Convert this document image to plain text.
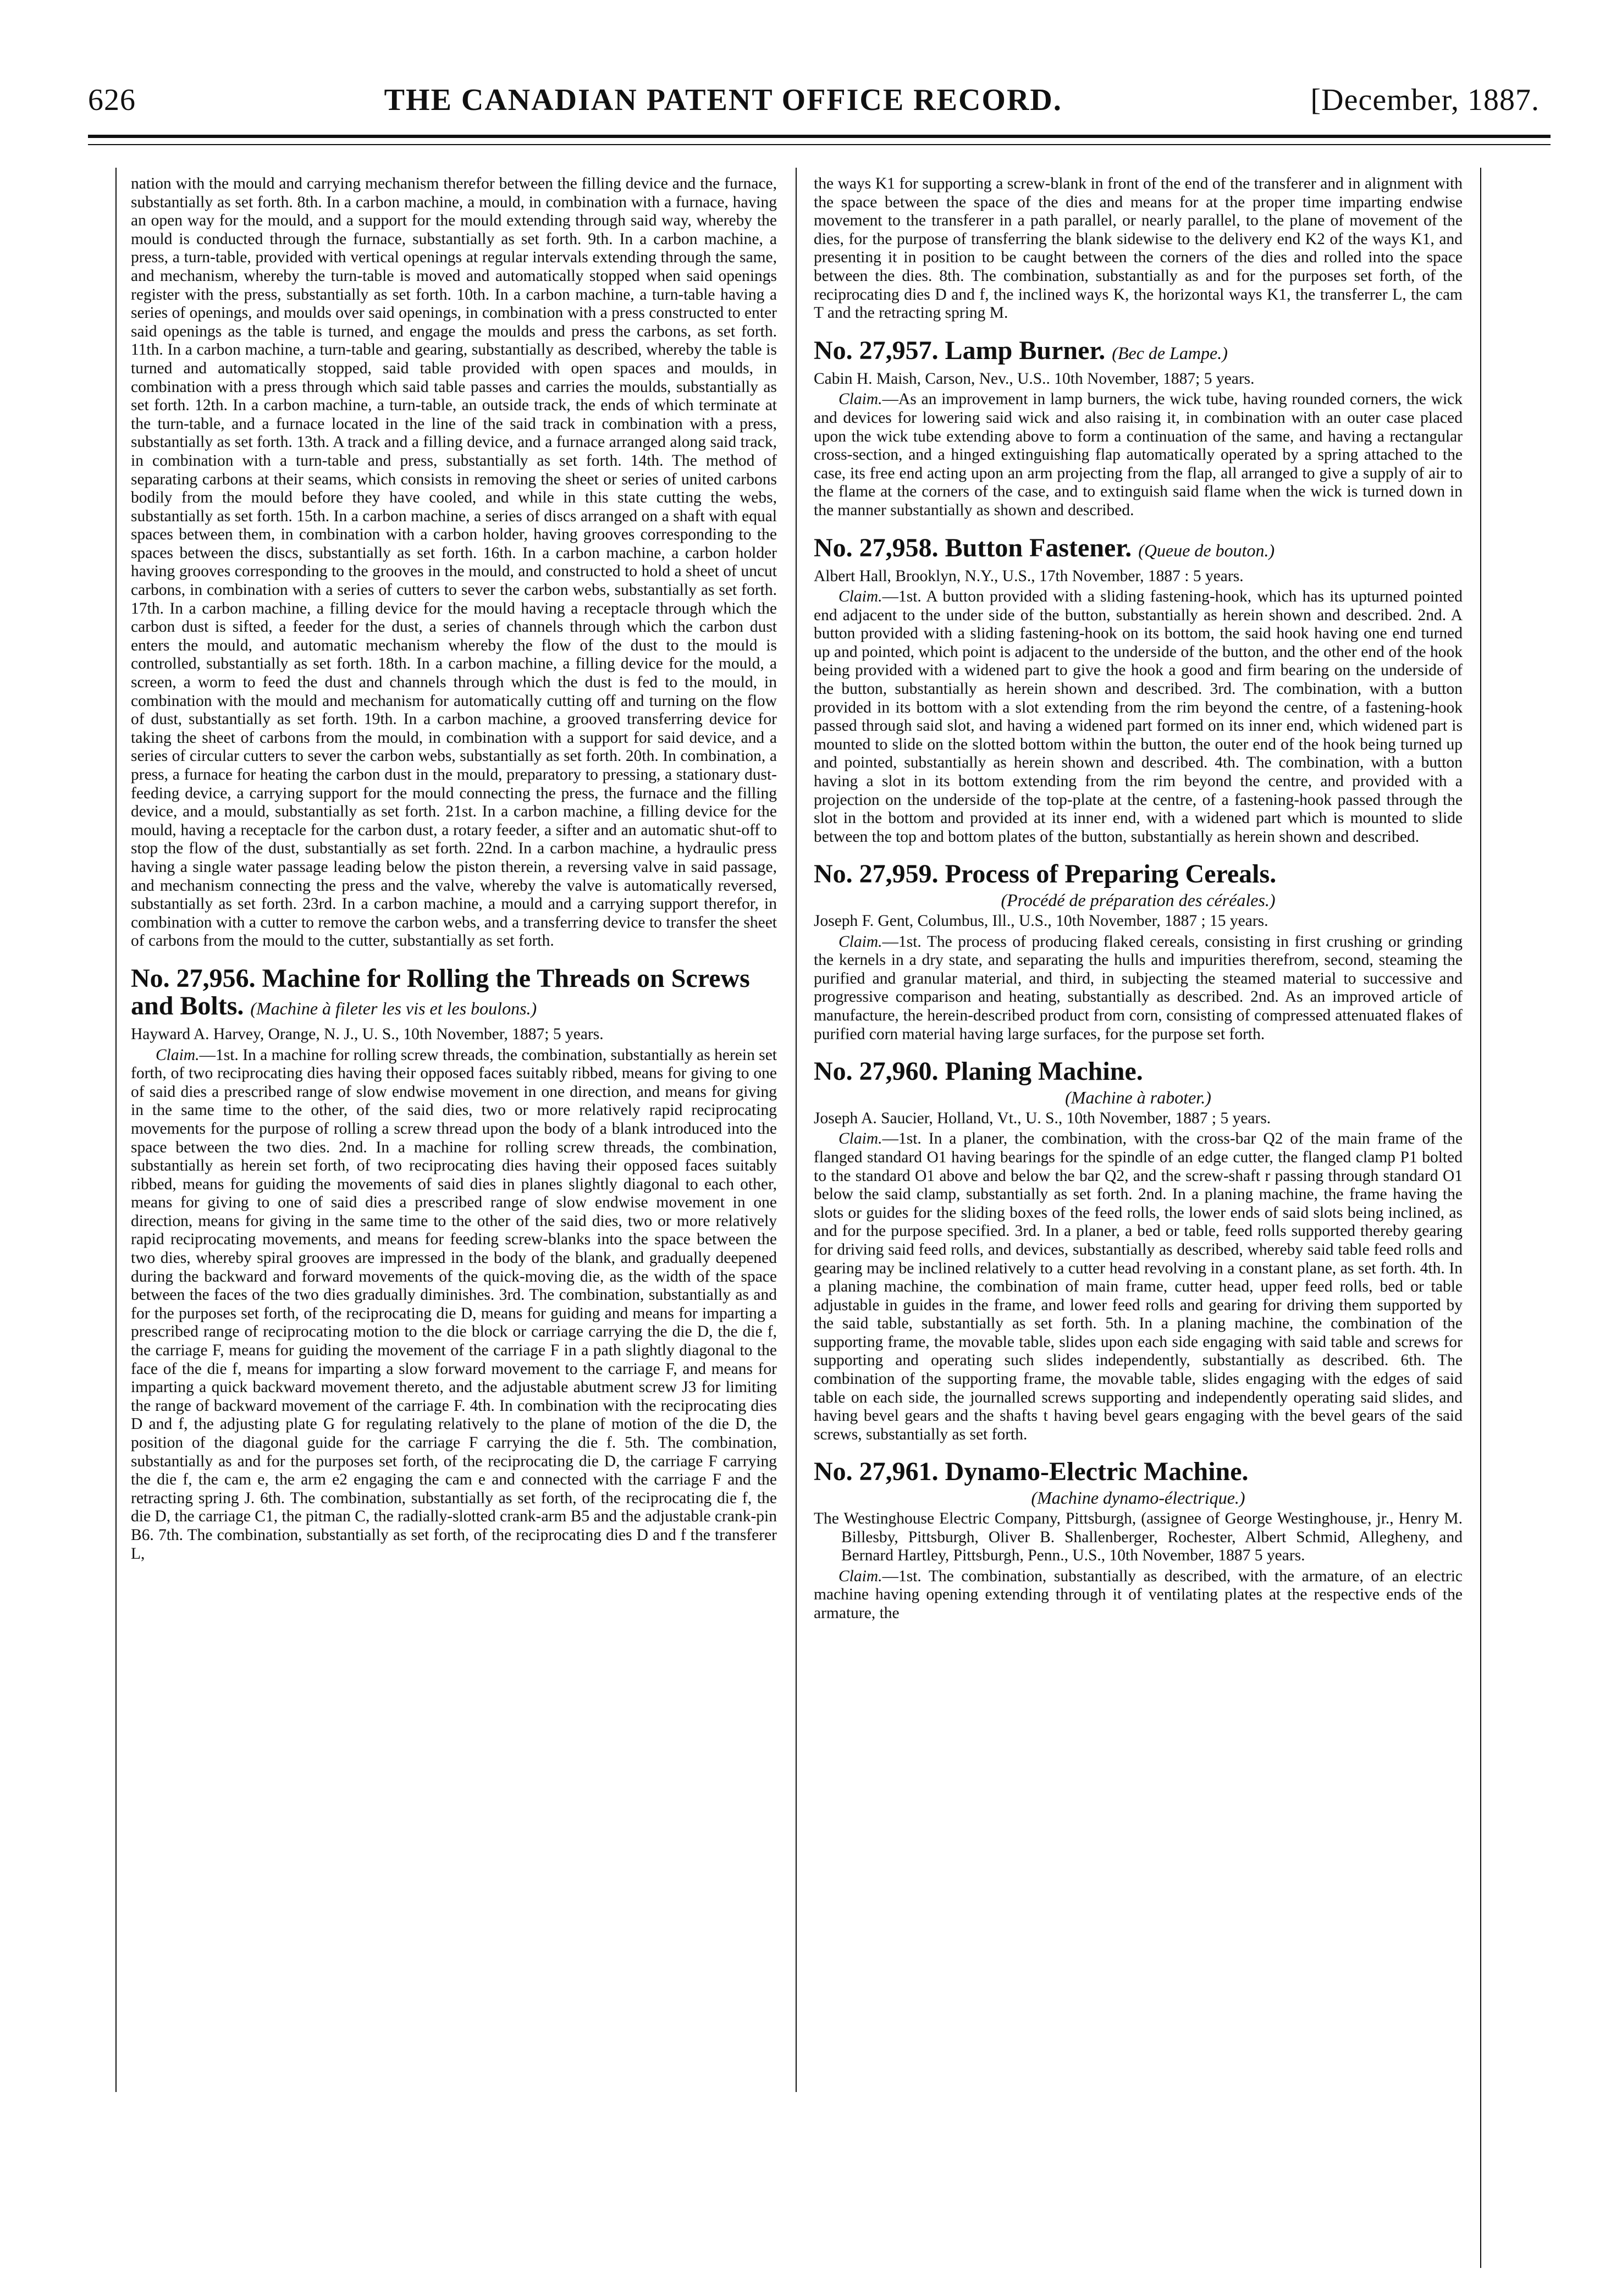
626	THE CANADIAN PATENT OFFICE RECORD.	[December, 1887.

nation with the mould and carrying mechanism therefor between the filling device and the furnace, substantially as set forth. 8th. In a carbon machine, a mould, in combination with a furnace, having an open way for the mould, and a support for the mould extending through said way, whereby the mould is conducted through the furnace, substantially as set forth. 9th. In a carbon machine, a press, a turn-table, provided with vertical openings at regular intervals extending through the same, and mechanism, whereby the turn-table is moved and automatically stopped when said openings register with the press, substantially as set forth. 10th. In a carbon machine, a turn-table having a series of openings, and moulds over said openings, in combination with a press constructed to enter said openings as the table is turned, and engage the moulds and press the carbons, as set forth. 11th. In a carbon machine, a turn-table and gearing, substantially as described, whereby the table is turned and automatically stopped, said table provided with open spaces and moulds, in combination with a press through which said table passes and carries the moulds, substantially as set forth. 12th. In a carbon machine, a turn-table, an outside track, the ends of which terminate at the turn-table, and a furnace located in the line of the said track in combination with a press, substantially as set forth. 13th. A track and a filling device, and a furnace arranged along said track, in combination with a turn-table and press, substantially as set forth. 14th. The method of separating carbons at their seams, which consists in removing the sheet or series of united carbons bodily from the mould before they have cooled, and while in this state cutting the webs, substantially as set forth. 15th. In a carbon machine, a series of discs arranged on a shaft with equal spaces between them, in combination with a carbon holder, having grooves corresponding to the spaces between the discs, substantially as set forth. 16th. In a carbon machine, a carbon holder having grooves corresponding to the grooves in the mould, and constructed to hold a sheet of uncut carbons, in combination with a series of cutters to sever the carbon webs, substantially as set forth. 17th. In a carbon machine, a filling device for the mould having a receptacle through which the carbon dust is sifted, a feeder for the dust, a series of channels through which the carbon dust enters the mould, and automatic mechanism whereby the flow of the dust to the mould is controlled, substantially as set forth. 18th. In a carbon machine, a filling device for the mould, a screen, a worm to feed the dust and channels through which the dust is fed to the mould, in combination with the mould and mechanism for automatically cutting off and turning on the flow of dust, substantially as set forth. 19th. In a carbon machine, a grooved transferring device for taking the sheet of carbons from the mould, in combination with a support for said device, and a series of circular cutters to sever the carbon webs, substantially as set forth. 20th. In combination, a press, a furnace for heating the carbon dust in the mould, preparatory to pressing, a stationary dust-feeding device, a carrying support for the mould connecting the press, the furnace and the filling device, and a mould, substantially as set forth. 21st. In a carbon machine, a filling device for the mould, having a receptacle for the carbon dust, a rotary feeder, a sifter and an automatic shut-off to stop the flow of the dust, substantially as set forth. 22nd. In a carbon machine, a hydraulic press having a single water passage leading below the piston therein, a reversing valve in said passage, and mechanism connecting the press and the valve, whereby the valve is automatically reversed, substantially as set forth. 23rd. In a carbon machine, a mould and a carrying support therefor, in combination with a cutter to remove the carbon webs, and a transferring device to transfer the sheet of carbons from the mould to the cutter, substantially as set forth.

No. 27,956. Machine for Rolling the Threads on Screws and Bolts. (Machine à fileter les vis et les boulons.)

Hayward A. Harvey, Orange, N. J., U. S., 10th November, 1887; 5 years.

Claim.—1st. In a machine for rolling screw threads, the combination, substantially as herein set forth, of two reciprocating dies having their opposed faces suitably ribbed, means for giving to one of said dies a prescribed range of slow endwise movement in one direction, and means for giving in the same time to the other, of the said dies, two or more relatively rapid reciprocating movements for the purpose of rolling a screw thread upon the body of a blank introduced into the space between the two dies. 2nd. In a machine for rolling screw threads, the combination, substantially as herein set forth, of two reciprocating dies having their opposed faces suitably ribbed, means for guiding the movements of said dies in planes slightly diagonal to each other, means for giving to one of said dies a prescribed range of slow endwise movement in one direction, means for giving in the same time to the other of the said dies, two or more relatively rapid reciprocating movements, and means for feeding screw-blanks into the space between the two dies, whereby spiral grooves are impressed in the body of the blank, and gradually deepened during the backward and forward movements of the quick-moving die, as the width of the space between the faces of the two dies gradually diminishes. 3rd. The combination, substantially as and for the purposes set forth, of the reciprocating die D, means for guiding and means for imparting a prescribed range of reciprocating motion to the die block or carriage carrying the die D, the die f, the carriage F, means for guiding the movement of the carriage F in a path slightly diagonal to the face of the die f, means for imparting a slow forward movement to the carriage F, and means for imparting a quick backward movement thereto, and the adjustable abutment screw J3 for limiting the range of backward movement of the carriage F. 4th. In combination with the reciprocating dies D and f, the adjusting plate G for regulating relatively to the plane of motion of the die D, the position of the diagonal guide for the carriage F carrying the die f. 5th. The combination, substantially as and for the purposes set forth, of the reciprocating die D, the carriage F carrying the die f, the cam e, the arm e2 engaging the cam e and connected with the carriage F and the retracting spring J. 6th. The combination, substantially as set forth, of the reciprocating die f, the die D, the carriage C1, the pitman C, the radially-slotted crank-arm B5 and the adjustable crank-pin B6. 7th. The combination, substantially as set forth, of the reciprocating dies D and f the transferer L,

the ways K1 for supporting a screw-blank in front of the end of the transferer and in alignment with the space between the space of the dies and means for at the proper time imparting endwise movement to the transferer in a path parallel, or nearly parallel, to the plane of movement of the dies, for the purpose of transferring the blank sidewise to the delivery end K2 of the ways K1, and presenting it in position to be caught between the corners of the dies and rolled into the space between the dies. 8th. The combination, substantially as and for the purposes set forth, of the reciprocating dies D and f, the inclined ways K, the horizontal ways K1, the transferrer L, the cam T and the retracting spring M.

No. 27,957. Lamp Burner. (Bec de Lampe.)

Cabin H. Maish, Carson, Nev., U.S.. 10th November, 1887; 5 years.

Claim.—As an improvement in lamp burners, the wick tube, having rounded corners, the wick and devices for lowering said wick and also raising it, in combination with an outer case placed upon the wick tube extending above to form a continuation of the same, and having a rectangular cross-section, and a hinged extinguishing flap automatically operated by a spring attached to the case, its free end acting upon an arm projecting from the flap, all arranged to give a supply of air to the flame at the corners of the case, and to extinguish said flame when the wick is turned down in the manner substantially as shown and described.

No. 27,958. Button Fastener. (Queue de bouton.)

Albert Hall, Brooklyn, N.Y., U.S., 17th November, 1887 : 5 years.

Claim.—1st. A button provided with a sliding fastening-hook, which has its upturned pointed end adjacent to the under side of the button, substantially as herein shown and described. 2nd. A button provided with a sliding fastening-hook on its bottom, the said hook having one end turned up and pointed, which point is adjacent to the underside of the button, and the other end of the hook being provided with a widened part to give the hook a good and firm bearing on the underside of the button, substantially as herein shown and described. 3rd. The combination, with a button provided in its bottom with a slot extending from the rim beyond the centre, of a fastening-hook passed through said slot, and having a widened part formed on its inner end, which widened part is mounted to slide on the slotted bottom within the button, the outer end of the hook being turned up and pointed, substantially as herein shown and described. 4th. The combination, with a button having a slot in its bottom extending from the rim beyond the centre, and provided with a projection on the underside of the top-plate at the centre, of a fastening-hook passed through the slot in the bottom and provided at its inner end, with a widened part which is mounted to slide between the top and bottom plates of the button, substantially as herein shown and described.

No. 27,959. Process of Preparing Cereals.

(Procédé de préparation des céréales.)

Joseph F. Gent, Columbus, Ill., U.S., 10th November, 1887 ; 15 years.

Claim.—1st. The process of producing flaked cereals, consisting in first crushing or grinding the kernels in a dry state, and separating the hulls and impurities therefrom, second, steaming the purified and granular material, and third, in subjecting the steamed material to successive and progressive comparison and heating, substantially as described. 2nd. As an improved article of manufacture, the herein-described product from corn, consisting of compressed attenuated flakes of purified corn material having large surfaces, for the purpose set forth.

No. 27,960. Planing Machine.

(Machine à raboter.)

Joseph A. Saucier, Holland, Vt., U. S., 10th November, 1887 ; 5 years.

Claim.—1st. In a planer, the combination, with the cross-bar Q2 of the main frame of the flanged standard O1 having bearings for the spindle of an edge cutter, the flanged clamp P1 bolted to the standard O1 above and below the bar Q2, and the screw-shaft r passing through standard O1 below the said clamp, substantially as set forth. 2nd. In a planing machine, the frame having the slots or guides for the sliding boxes of the feed rolls, the lower ends of said slots being inclined, as and for the purpose specified. 3rd. In a planer, a bed or table, feed rolls supported thereby gearing for driving said feed rolls, and devices, substantially as described, whereby said table feed rolls and gearing may be inclined relatively to a cutter head revolving in a constant plane, as set forth. 4th. In a planing machine, the combination of main frame, cutter head, upper feed rolls, bed or table adjustable in guides in the frame, and lower feed rolls and gearing for driving them supported by the said table, substantially as set forth. 5th. In a planing machine, the combination of the supporting frame, the movable table, slides upon each side engaging with said table and screws for supporting and operating such slides independently, substantially as described. 6th. The combination of the supporting frame, the movable table, slides engaging with the edges of said table on each side, the journalled screws supporting and independently operating said slides, and having bevel gears and the shafts t having bevel gears engaging with the bevel gears of the said screws, substantially as set forth.

No. 27,961. Dynamo-Electric Machine.

(Machine dynamo-électrique.)

The Westinghouse Electric Company, Pittsburgh, (assignee of George Westinghouse, jr., Henry M. Billesby, Pittsburgh, Oliver B. Shallenberger, Rochester, Albert Schmid, Allegheny, and Bernard Hartley, Pittsburgh, Penn., U.S., 10th November, 1887 5 years.

Claim.—1st. The combination, substantially as described, with the armature, of an electric machine having opening extending through it of ventilating plates at the respective ends of the armature, the
